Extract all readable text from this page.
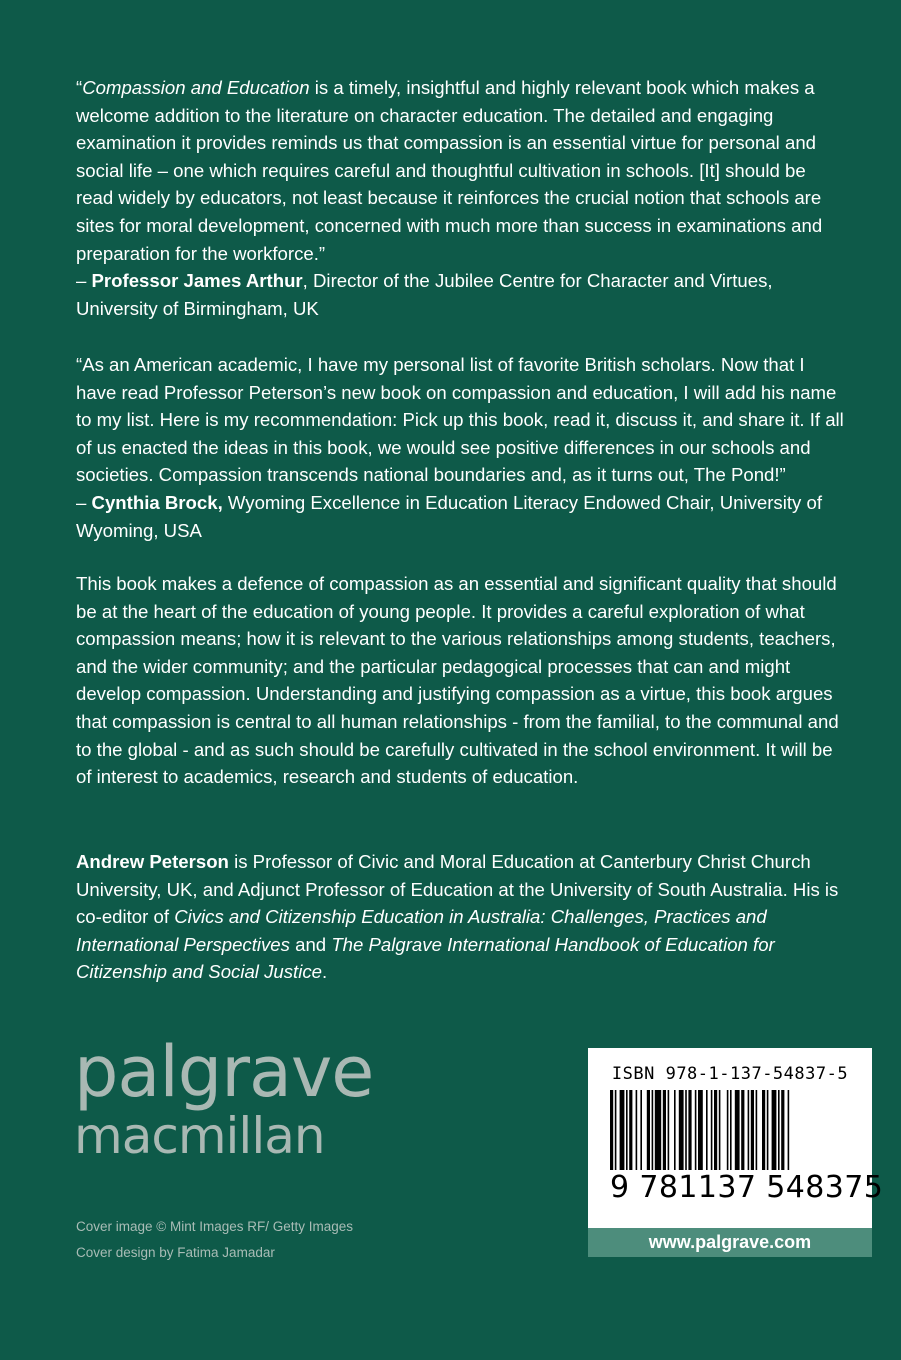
“Compassion and Education is a timely, insightful and highly relevant book which makes a welcome addition to the literature on character education. The detailed and engaging examination it provides reminds us that compassion is an essential virtue for personal and social life – one which requires careful and thoughtful cultivation in schools. [It] should be read widely by educators, not least because it reinforces the crucial notion that schools are sites for moral development, concerned with much more than success in examinations and preparation for the workforce.”

– Professor James Arthur, Director of the Jubilee Centre for Character and Virtues, University of Birmingham, UK

“As an American academic, I have my personal list of favorite British scholars. Now that I have read Professor Peterson’s new book on compassion and education, I will add his name to my list. Here is my recommendation: Pick up this book, read it, discuss it, and share it. If all of us enacted the ideas in this book, we would see positive differences in our schools and societies. Compassion transcends national boundaries and, as it turns out, The Pond!”

– Cynthia Brock, Wyoming Excellence in Education Literacy Endowed Chair, University of Wyoming, USA

This book makes a defence of compassion as an essential and significant quality that should be at the heart of the education of young people. It provides a careful exploration of what compassion means; how it is relevant to the various relationships among students, teachers, and the wider community; and the particular pedagogical processes that can and might develop compassion. Understanding and justifying compassion as a virtue, this book argues that compassion is central to all human relationships - from the familial, to the communal and to the global - and as such should be carefully cultivated in the school environment. It will be of interest to academics, research and students of education.

Andrew Peterson is Professor of Civic and Moral Education at Canterbury Christ Church University, UK, and Adjunct Professor of Education at the University of South Australia. His is co-editor of Civics and Citizenship Education in Australia: Challenges, Practices and International Perspectives and The Palgrave International Handbook of Education for Citizenship and Social Justice.

palgrave
macmillan

Cover image © Mint Images RF/ Getty Images

Cover design by Fatima Jamadar

ISBN 978-1-137-54837-5
9 781137 548375
www.palgrave.com
